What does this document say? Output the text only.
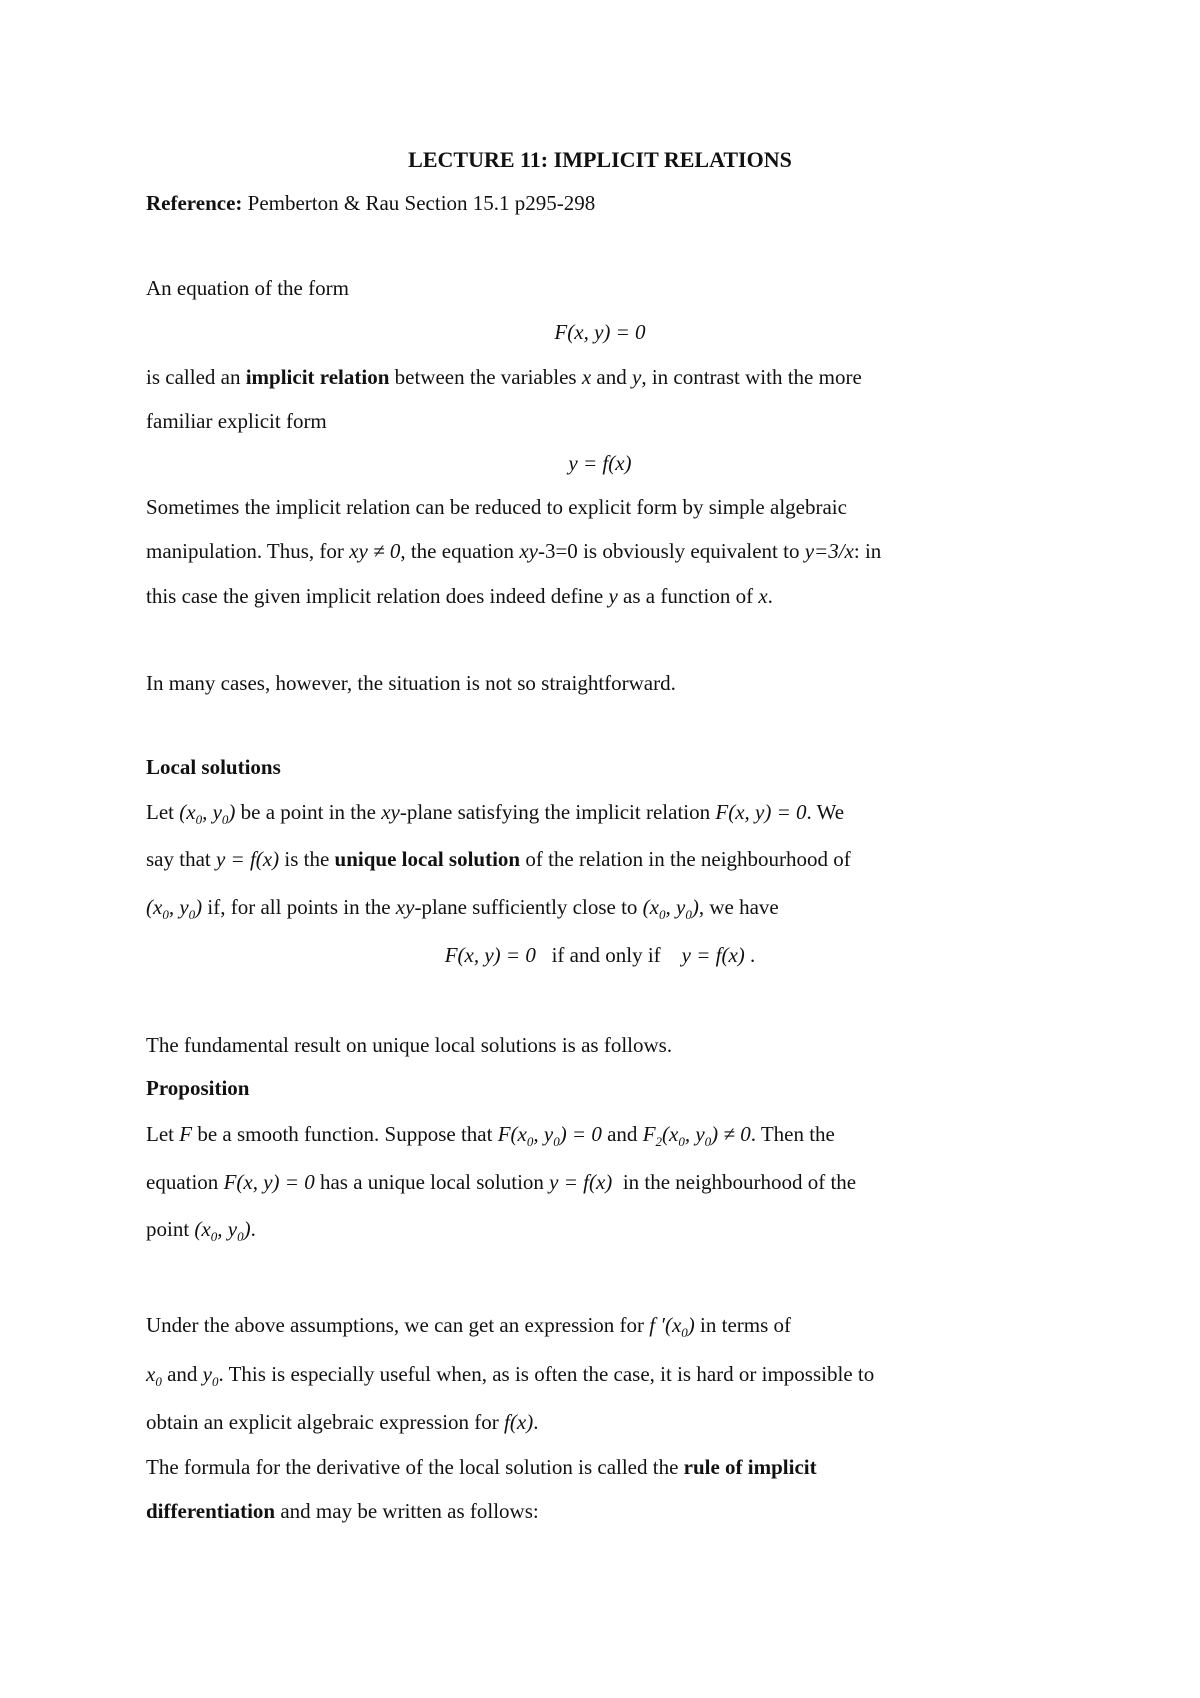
LECTURE 11: IMPLICIT RELATIONS
Reference: Pemberton & Rau Section 15.1 p295-298
An equation of the form
F(x, y) = 0
is called an implicit relation between the variables x and y, in contrast with the more
familiar explicit form
y = f(x)
Sometimes the implicit relation can be reduced to explicit form by simple algebraic
manipulation. Thus, for xy ≠ 0, the equation xy-3=0 is obviously equivalent to y=3/x: in
this case the given implicit relation does indeed define y as a function of x.
In many cases, however, the situation is not so straightforward.
Local solutions
Let ($x_0$, $y_0$) be a point in the xy-plane satisfying the implicit relation F(x, y) = 0. We
say that y = f(x) is the unique local solution of the relation in the neighbourhood of
($x_0$, $y_0$) if, for all points in the xy-plane sufficiently close to ($x_0$, $y_0$), we have
F(x, y) = 0 if and only if y = f(x) .
The fundamental result on unique local solutions is as follows.
Proposition
Let F be a smooth function. Suppose that $F(x_0$, $y_0) = 0$ and $F_2(x_0$, $y_0) \ne 0$. Then the
equation F(x, y) = 0 has a unique local solution y = f(x) in the neighbourhood of the
point ($x_0$, $y_0$).
Under the above assumptions, we can get an expression for f $'(x_0)$ in terms of
$x_0$ and $y_0$. This is especially useful when, as is often the case, it is hard or impossible to
obtain an explicit algebraic expression for f(x).
The formula for the derivative of the local solution is called the rule of implicit
differentiation and may be written as follows:
